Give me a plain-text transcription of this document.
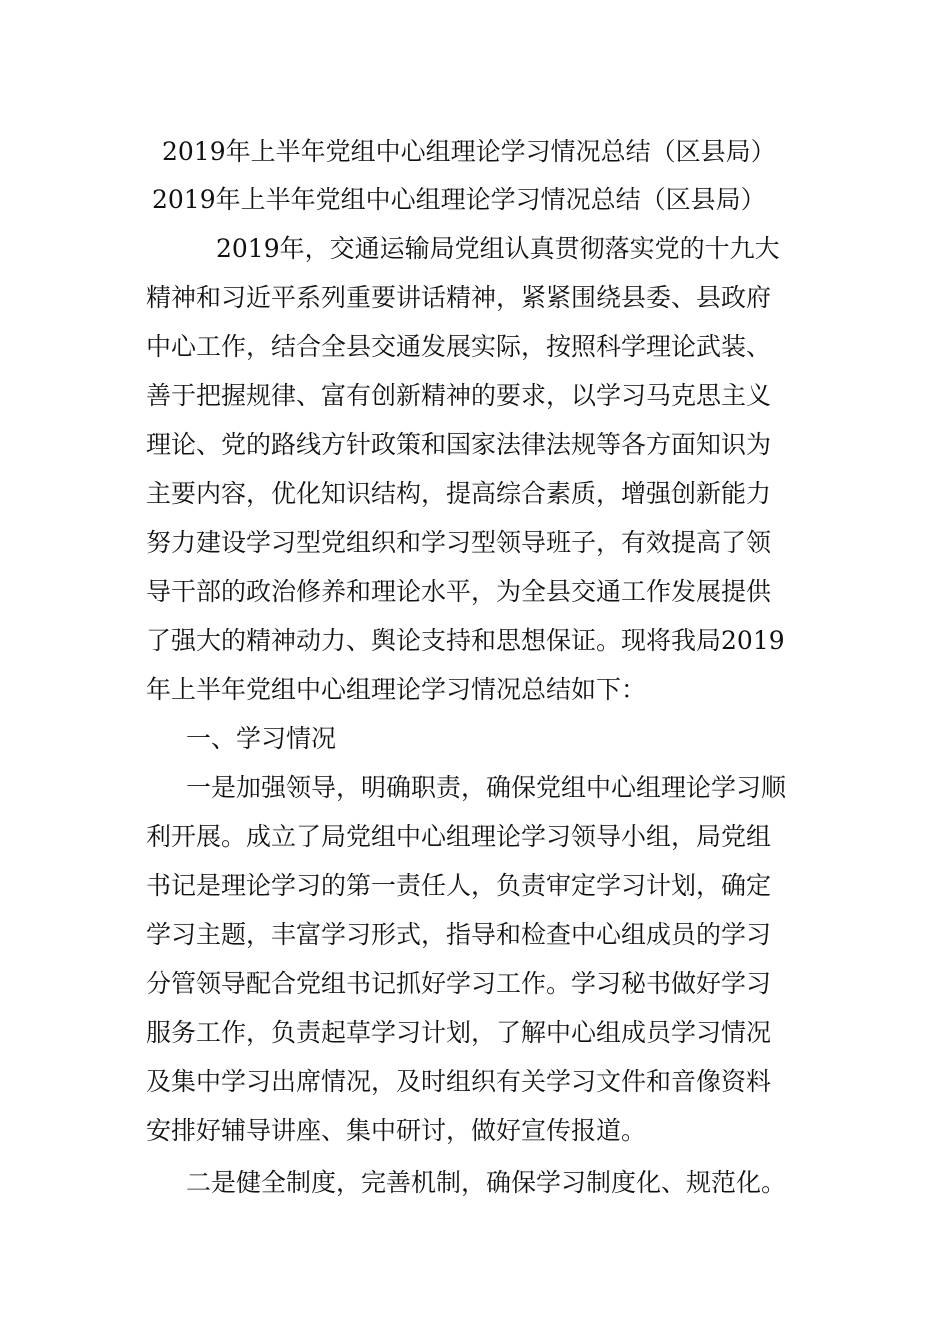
2019年上半年党组中心组理论学习情况总结（区县局）
2019年上半年党组中心组理论学习情况总结（区县局）
2019年，交通运输局党组认真贯彻落实党的十九大
精神和习近平系列重要讲话精神，紧紧围绕县委、县政府
中心工作，结合全县交通发展实际，按照科学理论武装、
善于把握规律、富有创新精神的要求，以学习马克思主义
理论、党的路线方针政策和国家法律法规等各方面知识为
主要内容，优化知识结构，提高综合素质，增强创新能力
努力建设学习型党组织和学习型领导班子，有效提高了领
导干部的政治修养和理论水平，为全县交通工作发展提供
了强大的精神动力、舆论支持和思想保证。现将我局2019
年上半年党组中心组理论学习情况总结如下：
一、学习情况
一是加强领导，明确职责，确保党组中心组理论学习顺
利开展。成立了局党组中心组理论学习领导小组，局党组
书记是理论学习的第一责任人，负责审定学习计划，确定
学习主题，丰富学习形式，指导和检查中心组成员的学习
分管领导配合党组书记抓好学习工作。学习秘书做好学习
服务工作，负责起草学习计划，了解中心组成员学习情况
及集中学习出席情况，及时组织有关学习文件和音像资料
安排好辅导讲座、集中研讨，做好宣传报道。
二是健全制度，完善机制，确保学习制度化、规范化。
